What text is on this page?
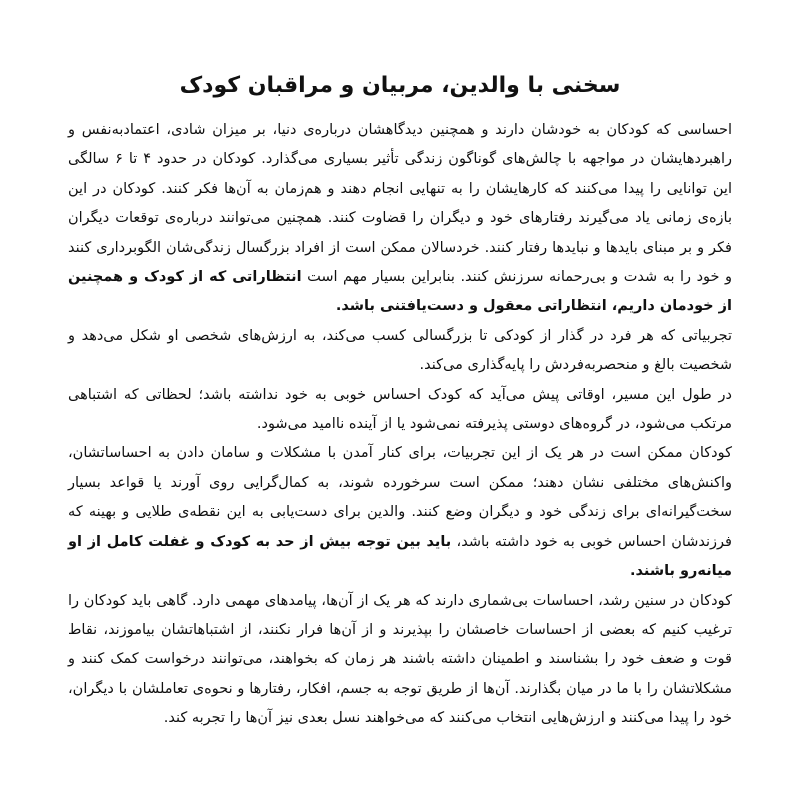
سخنی با والدین، مربیان و مراقبان کودک

احساسی که کودکان به خودشان دارند و همچنین دیدگاهشان درباره‌ی دنیا، بر میزان شادی، اعتماد‌به‌نفس و راهبردهایشان در مواجهه با چالش‌های گوناگون زندگی تأثیر بسیاری می‌گذارد. کودکان در حدود ۴ تا ۶ سالگی این توانایی را پیدا می‌کنند که کارهایشان را به تنهایی انجام دهند و هم‌زمان به آن‌ها فکر کنند. کودکان در این بازه‌ی زمانی یاد می‌گیرند رفتارهای خود و دیگران را قضاوت کنند. همچنین می‌توانند درباره‌ی توقعات دیگران فکر و بر مبنای بایدها و نبایدها رفتار کنند. خردسالان ممکن است از افراد بزرگسال زندگی‌شان الگوبرداری کنند و خود را به شدت و بی‌رحمانه سرزنش کنند. بنابراین بسیار مهم است انتظاراتی که از کودک و همچنین از خودمان داریم، انتظاراتی معقول و دست‌یافتنی باشد.

تجربیاتی که هر فرد در گذار از کودکی تا بزرگسالی کسب می‌کند، به ارزش‌های شخصی او شکل می‌دهد و شخصیت بالغ و منحصربه‌فردش را پایه‌گذاری می‌کند.

در طول این مسیر، اوقاتی پیش می‌آید که کودک احساس خوبی به خود نداشته باشد؛ لحظاتی که اشتباهی مرتکب می‌شود، در گروه‌های دوستی پذیرفته نمی‌شود یا از آینده ناامید می‌شود.

کودکان ممکن است در هر یک از این تجربیات، برای کنار آمدن با مشکلات و سامان دادن به احساساتشان، واکنش‌های مختلفی نشان دهند؛ ممکن است سرخورده شوند، به کمال‌گرایی روی آورند یا قواعد بسیار سخت‌گیرانه‌ای برای زندگی خود و دیگران وضع کنند. والدین برای دست‌یابی به این نقطه‌ی طلایی و بهینه که فرزندشان احساس خوبی به خود داشته باشد، باید بین توجه بیش از حد به کودک و غفلت کامل از او میانه‌رو باشند.

کودکان در سنین رشد، احساسات بی‌شماری دارند که هر یک از آن‌ها، پیامدهای مهمی دارد. گاهی باید کودکان را ترغیب کنیم که بعضی از احساسات خاصشان را بپذیرند و از آن‌ها فرار نکنند، از اشتباهاتشان بیاموزند، نقاط قوت و ضعف خود را بشناسند و اطمینان داشته باشند هر زمان که بخواهند، می‌توانند درخواست کمک کنند و مشکلاتشان را با ما در میان بگذارند. آن‌ها از طریق توجه به جسم، افکار، رفتارها و نحوه‌ی تعاملشان با دیگران، خود را پیدا می‌کنند و ارزش‌هایی انتخاب می‌کنند که می‌خواهند نسل بعدی نیز آن‌ها را تجربه کند.
